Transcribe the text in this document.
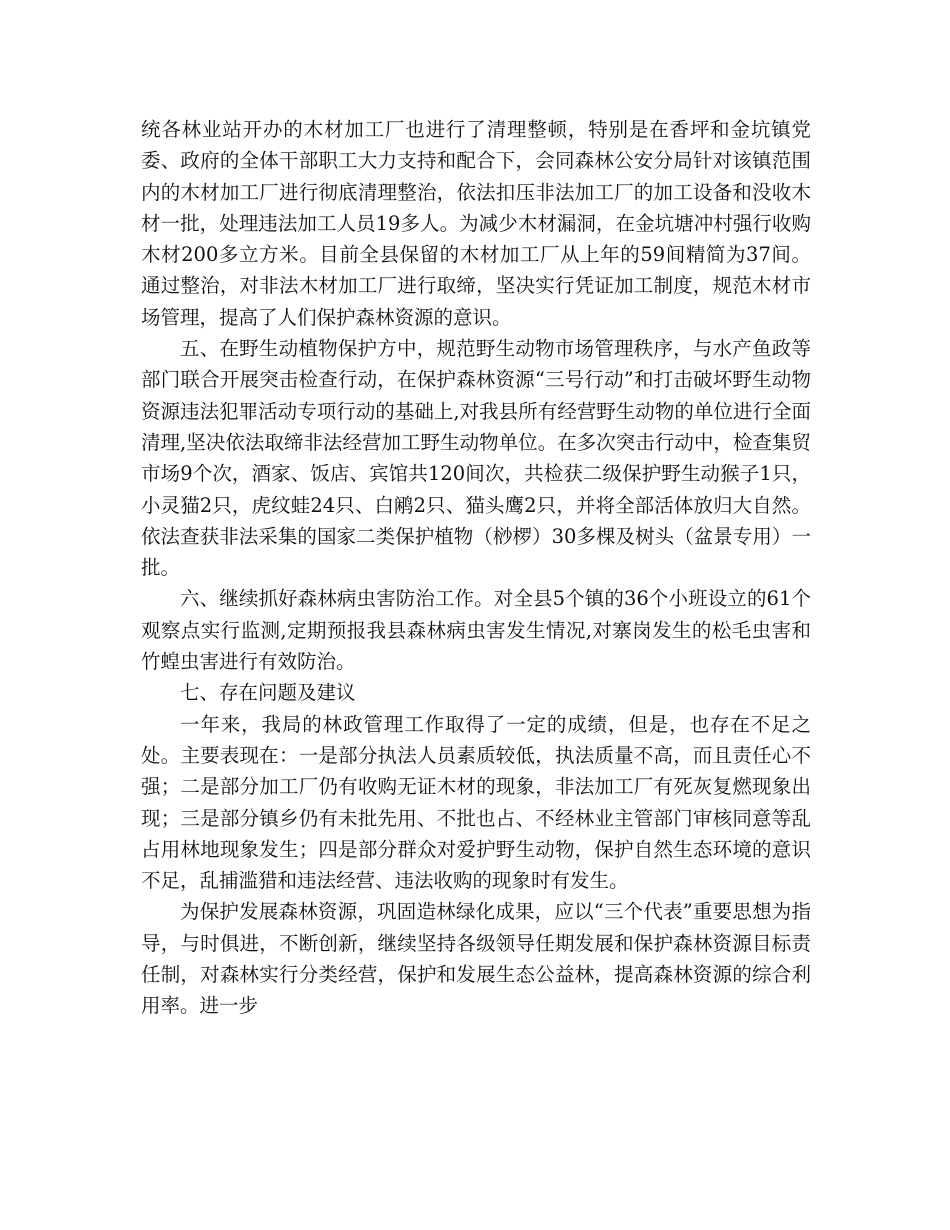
统各林业站开办的木材加工厂也进行了清理整顿，特别是在香坪和金坑镇党委、政府的全体干部职工大力支持和配合下，会同森林公安分局针对该镇范围内的木材加工厂进行彻底清理整治，依法扣压非法加工厂的加工设备和没收木材一批，处理违法加工人员19多人。为减少木材漏洞，在金坑塘冲村强行收购木材200多立方米。目前全县保留的木材加工厂从上年的59间精简为37间。通过整治，对非法木材加工厂进行取缔，坚决实行凭证加工制度，规范木材市场管理，提高了人们保护森林资源的意识。

五、在野生动植物保护方中，规范野生动物市场管理秩序，与水产鱼政等部门联合开展突击检查行动，在保护森林资源“三号行动”和打击破坏野生动物资源违法犯罪活动专项行动的基础上,对我县所有经营野生动物的单位进行全面清理,坚决依法取缔非法经营加工野生动物单位。在多次突击行动中，检查集贸市场9个次，酒家、饭店、宾馆共120间次，共检获二级保护野生动猴子1只，小灵猫2只，虎纹蛙24只、白鹇2只、猫头鹰2只，并将全部活体放归大自然。依法查获非法采集的国家二类保护植物（桫椤）30多棵及树头（盆景专用）一批。

六、继续抓好森林病虫害防治工作。对全县5个镇的36个小班设立的61个观察点实行监测,定期预报我县森林病虫害发生情况,对寨岗发生的松毛虫害和竹蝗虫害进行有效防治。

七、存在问题及建议

一年来，我局的林政管理工作取得了一定的成绩，但是，也存在不足之处。主要表现在：一是部分执法人员素质较低，执法质量不高，而且责任心不强；二是部分加工厂仍有收购无证木材的现象，非法加工厂有死灰复燃现象出现；三是部分镇乡仍有未批先用、不批也占、不经林业主管部门审核同意等乱占用林地现象发生；四是部分群众对爱护野生动物，保护自然生态环境的意识不足，乱捕滥猎和违法经营、违法收购的现象时有发生。

为保护发展森林资源，巩固造林绿化成果，应以“三个代表”重要思想为指导，与时俱进，不断创新，继续坚持各级领导任期发展和保护森林资源目标责任制，对森林实行分类经营，保护和发展生态公益林，提高森林资源的综合利用率。进一步
